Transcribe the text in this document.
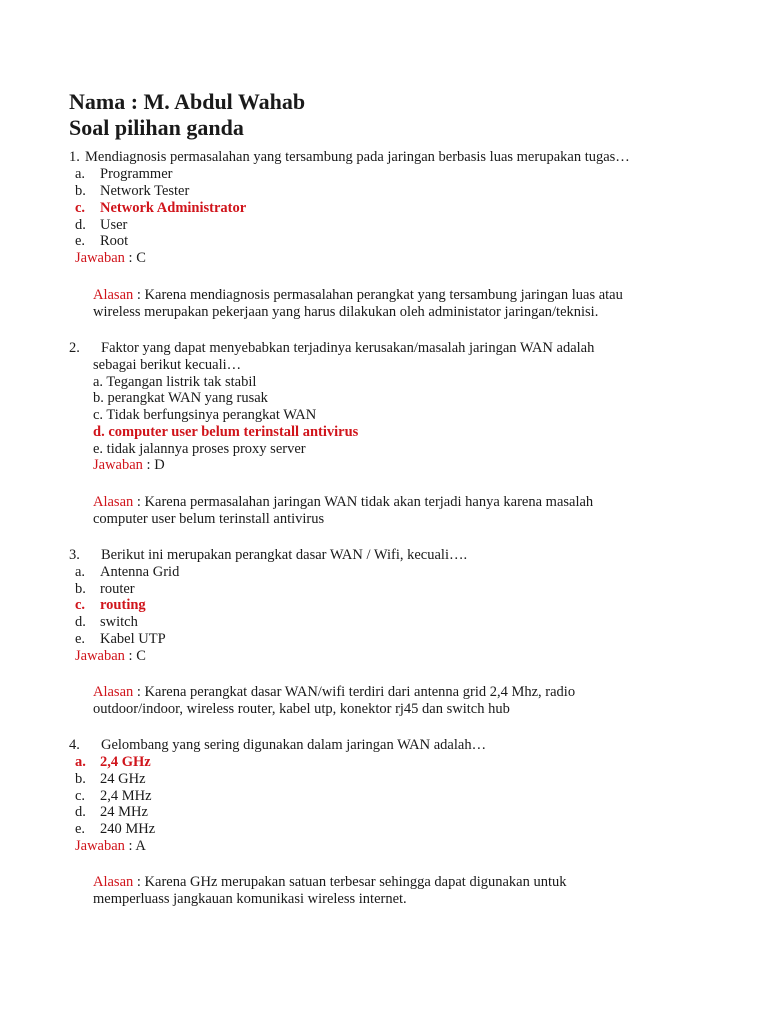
Nama : M. Abdul Wahab
Soal pilihan ganda
1. Mendiagnosis permasalahan yang tersambung pada jaringan berbasis luas merupakan tugas…
a. Programmer
b. Network Tester
c. Network Administrator
d. User
e. Root
Jawaban : C
Alasan : Karena mendiagnosis permasalahan perangkat yang tersambung jaringan luas atau
wireless merupakan pekerjaan yang harus dilakukan oleh administator jaringan/teknisi.
2. Faktor yang dapat menyebabkan terjadinya kerusakan/masalah jaringan WAN adalah
sebagai berikut kecuali…
a. Tegangan listrik tak stabil
b. perangkat WAN yang rusak
c. Tidak berfungsinya perangkat WAN
d. computer user belum terinstall antivirus
e. tidak jalannya proses proxy server
Jawaban : D
Alasan : Karena permasalahan jaringan WAN tidak akan terjadi hanya karena masalah
computer user belum terinstall antivirus
3. Berikut ini merupakan perangkat dasar WAN / Wifi, kecuali….
a. Antenna Grid
b. router
c. routing
d. switch
e. Kabel UTP
Jawaban : C
Alasan : Karena perangkat dasar WAN/wifi terdiri dari antenna grid 2,4 Mhz, radio
outdoor/indoor, wireless router, kabel utp, konektor rj45 dan switch hub
4. Gelombang yang sering digunakan dalam jaringan WAN adalah…
a. 2,4 GHz
b. 24 GHz
c. 2,4 MHz
d. 24 MHz
e. 240 MHz
Jawaban : A
Alasan : Karena GHz merupakan satuan terbesar sehingga dapat digunakan untuk
memperluass jangkauan komunikasi wireless internet.
